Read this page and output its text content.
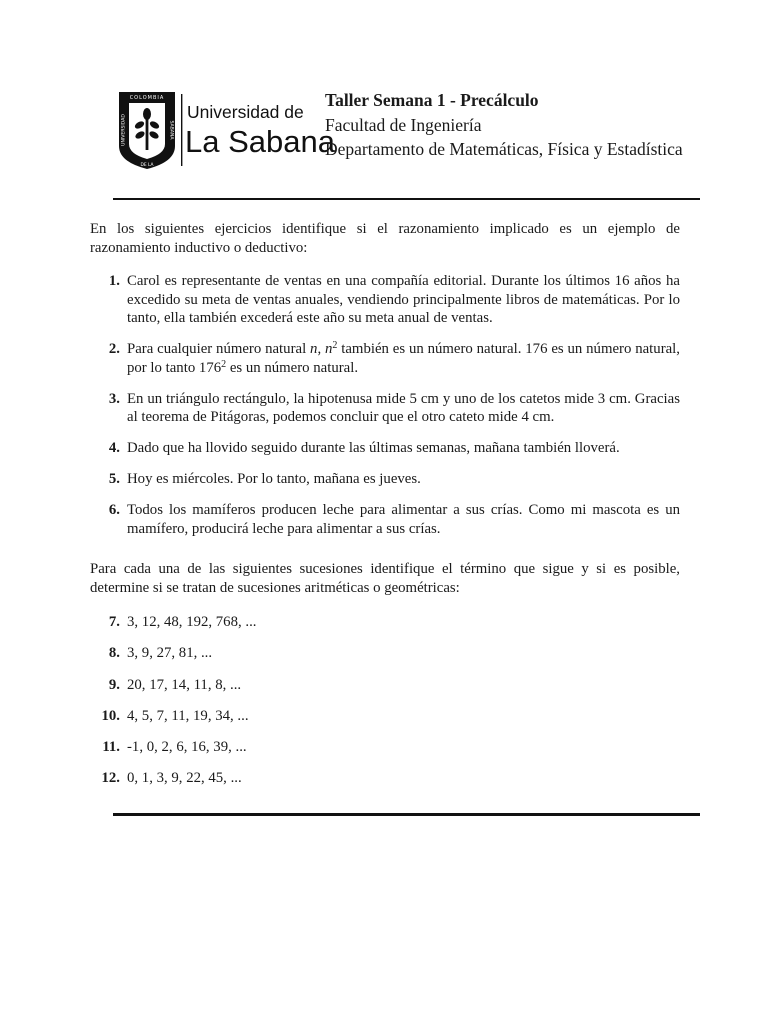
COLOMBIA
UNIVERSIDAD	SABANA
DE LA
Universidad de
La Sabana
Taller Semana 1 - Precálculo
Facultad de Ingeniería
Departamento de Matemáticas, Física y Estadística
En los siguientes ejercicios identifique si el razonamiento implicado es un ejemplo de razonamiento inductivo o deductivo:
1. Carol es representante de ventas en una compañía editorial. Durante los últimos 16 años ha excedido su meta de ventas anuales, vendiendo principalmente libros de matemáticas. Por lo tanto, ella también excederá este año su meta anual de ventas.
2. Para cualquier número natural n, $n^2$ también es un número natural. 176 es un número natural, por lo tanto $176^2$ es un número natural.
3. En un triángulo rectángulo, la hipotenusa mide 5 cm y uno de los catetos mide 3 cm. Gracias al teorema de Pitágoras, podemos concluir que el otro cateto mide 4 cm.
4. Dado que ha llovido seguido durante las últimas semanas, mañana también lloverá.
5. Hoy es miércoles. Por lo tanto, mañana es jueves.
6. Todos los mamíferos producen leche para alimentar a sus crías. Como mi mascota es un mamífero, producirá leche para alimentar a sus crías.
Para cada una de las siguientes sucesiones identifique el término que sigue y si es posible, determine si se tratan de sucesiones aritméticas o geométricas:
7. 3, 12, 48, 192, 768, ...
8. 3, 9, 27, 81, ...
9. 20, 17, 14, 11, 8, ...
10. 4, 5, 7, 11, 19, 34, ...
11. -1, 0, 2, 6, 16, 39, ...
12. 0, 1, 3, 9, 22, 45, ...
